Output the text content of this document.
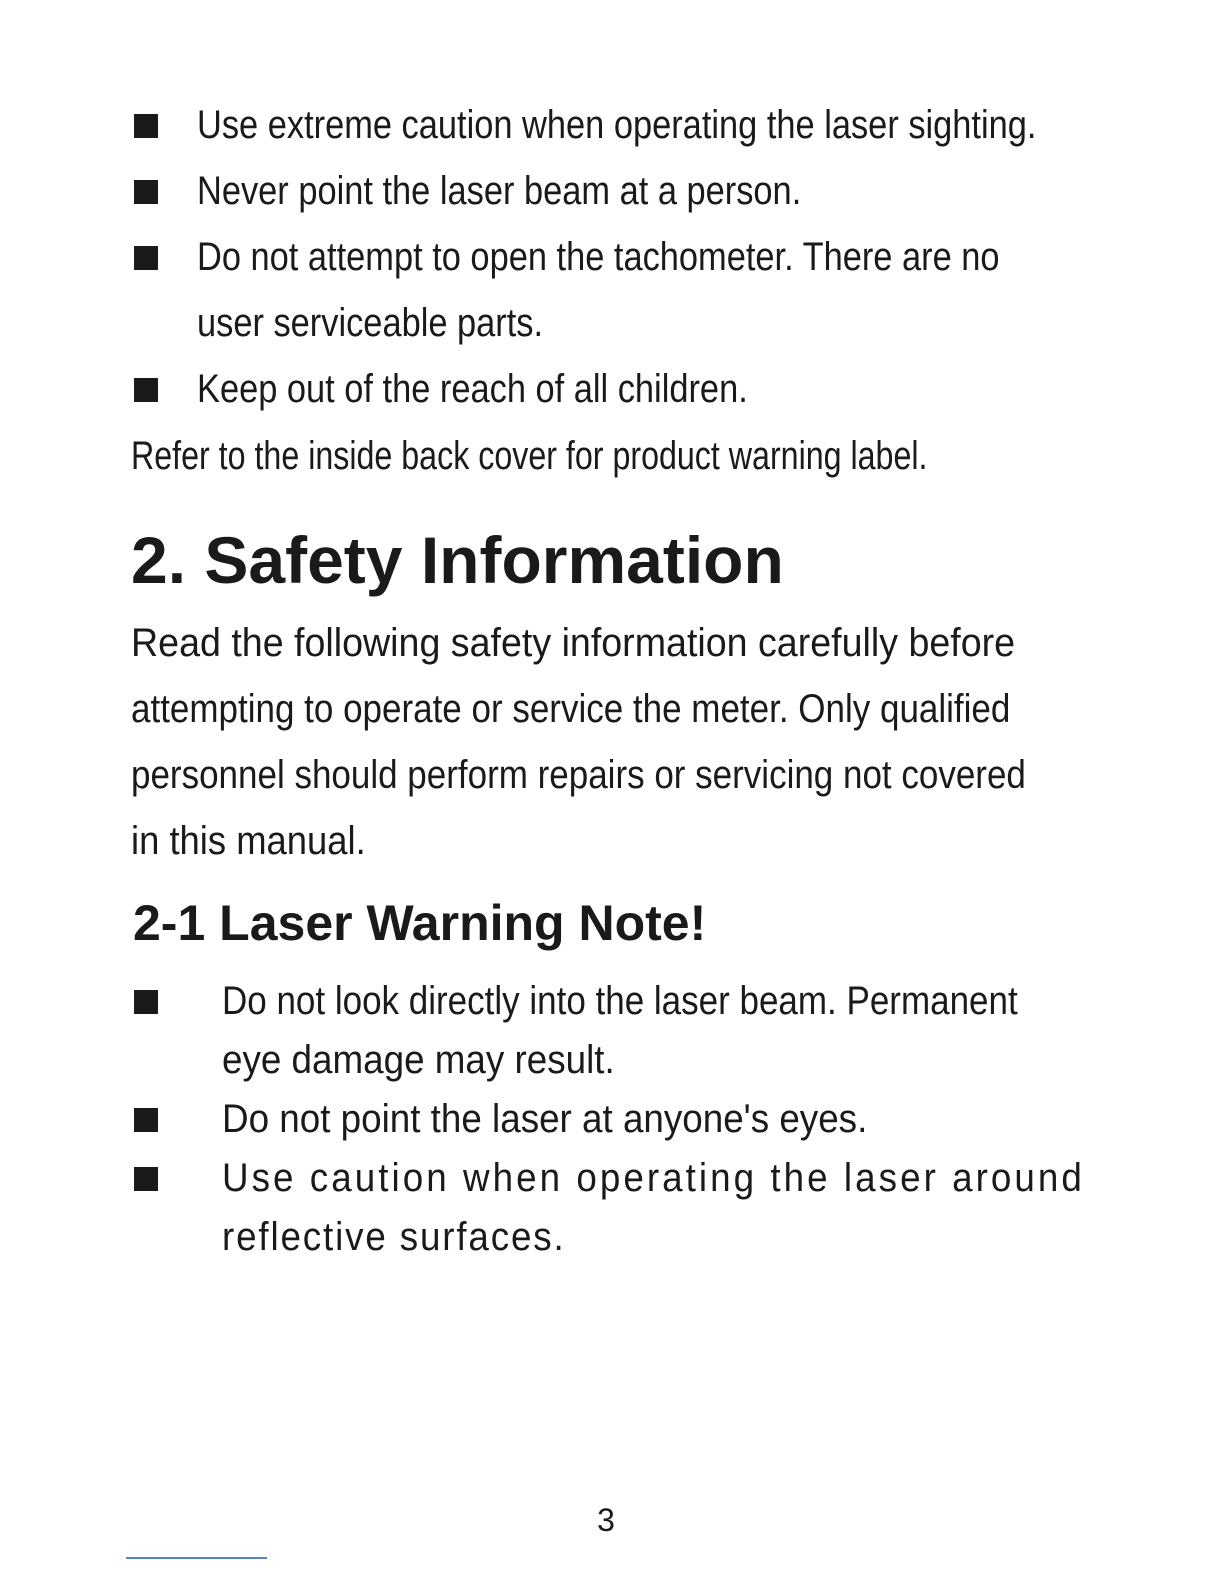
Use extreme caution when operating the laser sighting.
Never point the laser beam at a person.
Do not attempt to open the tachometer. There are no
user serviceable parts.
Keep out of the reach of all children.
Refer to the inside back cover for product warning label.
2. Safety Information
Read the following safety information carefully before
attempting to operate or service the meter. Only qualified
personnel should perform repairs or servicing not covered
in this manual.
2-1 Laser Warning Note!
Do not look directly into the laser beam. Permanent
eye damage may result.
Do not point the laser at anyone's eyes.
Use caution when operating the laser around
reflective surfaces.
3
